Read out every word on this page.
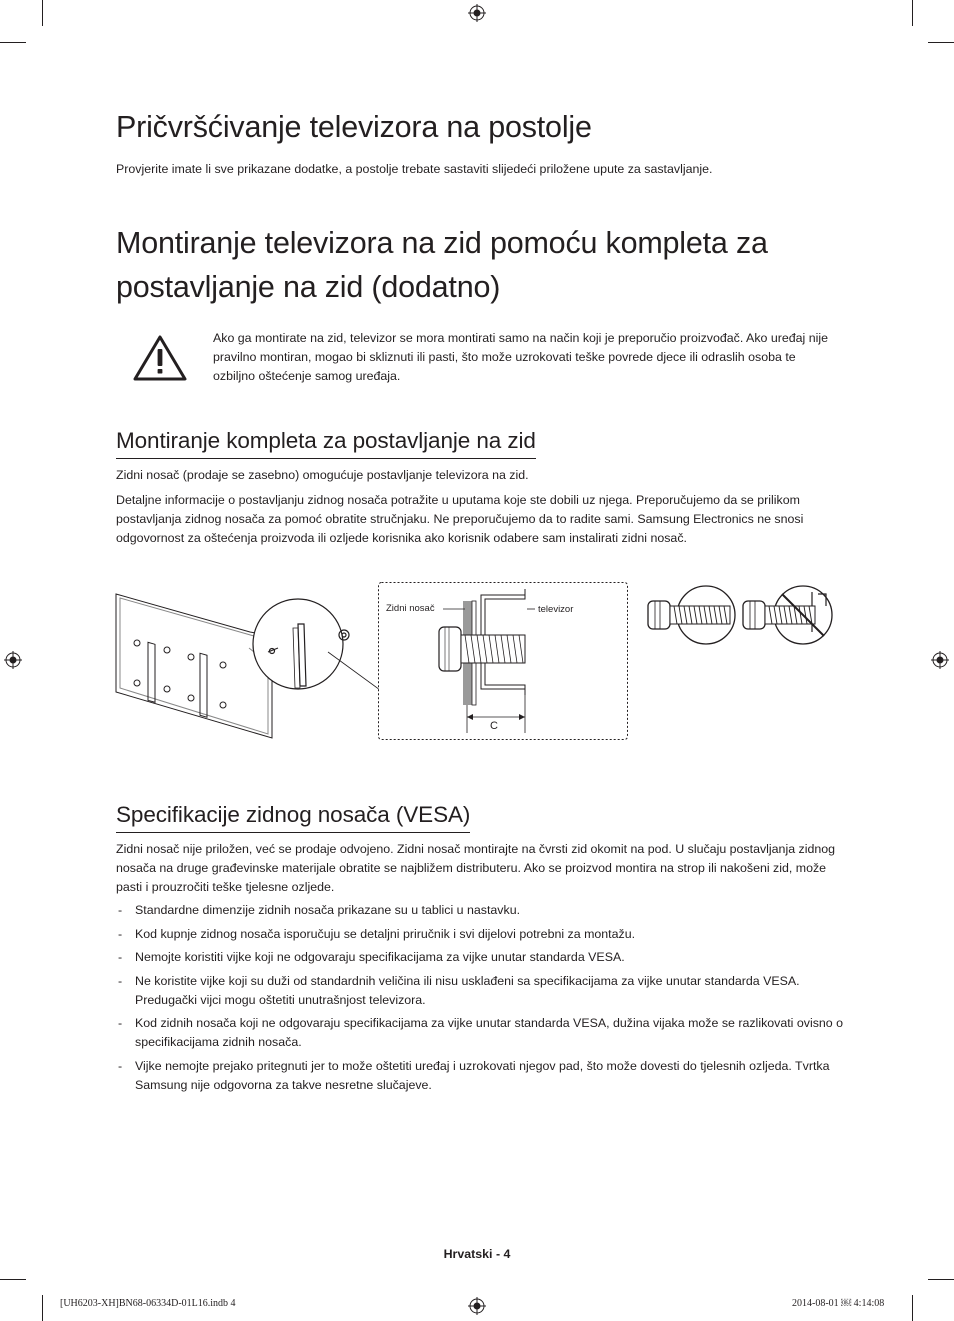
Pričvršćivanje televizora na postolje

Provjerite imate li sve prikazane dodatke, a postolje trebate sastaviti slijedeći priložene upute za sastavljanje.

Montiranje televizora na zid pomoću kompleta za postavljanje na zid (dodatno)
Ako ga montirate na zid, televizor se mora montirati samo na način koji je preporučio proizvođač. Ako uređaj nije pravilno montiran, mogao bi skliznuti ili pasti, što može uzrokovati teške povrede djece ili odraslih osoba te ozbiljno oštećenje samog uređaja.
Montiranje kompleta za postavljanje na zid

Zidni nosač (prodaje se zasebno) omogućuje postavljanje televizora na zid.

Detaljne informacije o postavljanju zidnog nosača potražite u uputama koje ste dobili uz njega. Preporučujemo da se prilikom postavljanja zidnog nosača za pomoć obratite stručnjaku. Ne preporučujemo da to radite sami. Samsung Electronics ne snosi odgovornost za oštećenja proizvoda ili ozljede korisnika ako korisnik odabere sam instalirati zidni nosač.

Zidni nosač	televizor
C
Specifikacije zidnog nosača (VESA)

Zidni nosač nije priložen, već se prodaje odvojeno. Zidni nosač montirajte na čvrsti zid okomit na pod. U slučaju postavljanja zidnog nosača na druge građevinske materijale obratite se najbližem distributeru. Ako se proizvod montira na strop ili nakošeni zid, može pasti i prouzročiti teške tjelesne ozljede.

- Standardne dimenzije zidnih nosača prikazane su u tablici u nastavku.
- Kod kupnje zidnog nosača isporučuju se detaljni priručnik i svi dijelovi potrebni za montažu.
- Nemojte koristiti vijke koji ne odgovaraju specifikacijama za vijke unutar standarda VESA.
- Ne koristite vijke koji su duži od standardnih veličina ili nisu usklađeni sa specifikacijama za vijke unutar standarda VESA. Predugački vijci mogu oštetiti unutrašnjost televizora.
- Kod zidnih nosača koji ne odgovaraju specifikacijama za vijke unutar standarda VESA, dužina vijaka može se razlikovati ovisno o specifikacijama zidnih nosača.
- Vijke nemojte prejako pritegnuti jer to može oštetiti uređaj i uzrokovati njegov pad, što može dovesti do tjelesnih ozljeda. Tvrtka Samsung nije odgovorna za takve nesretne slučajeve.
Hrvatski - 4
[UH6203-XH]BN68-06334D-01L16.indb 4	2014-08-01 ￼ 4:14:08
